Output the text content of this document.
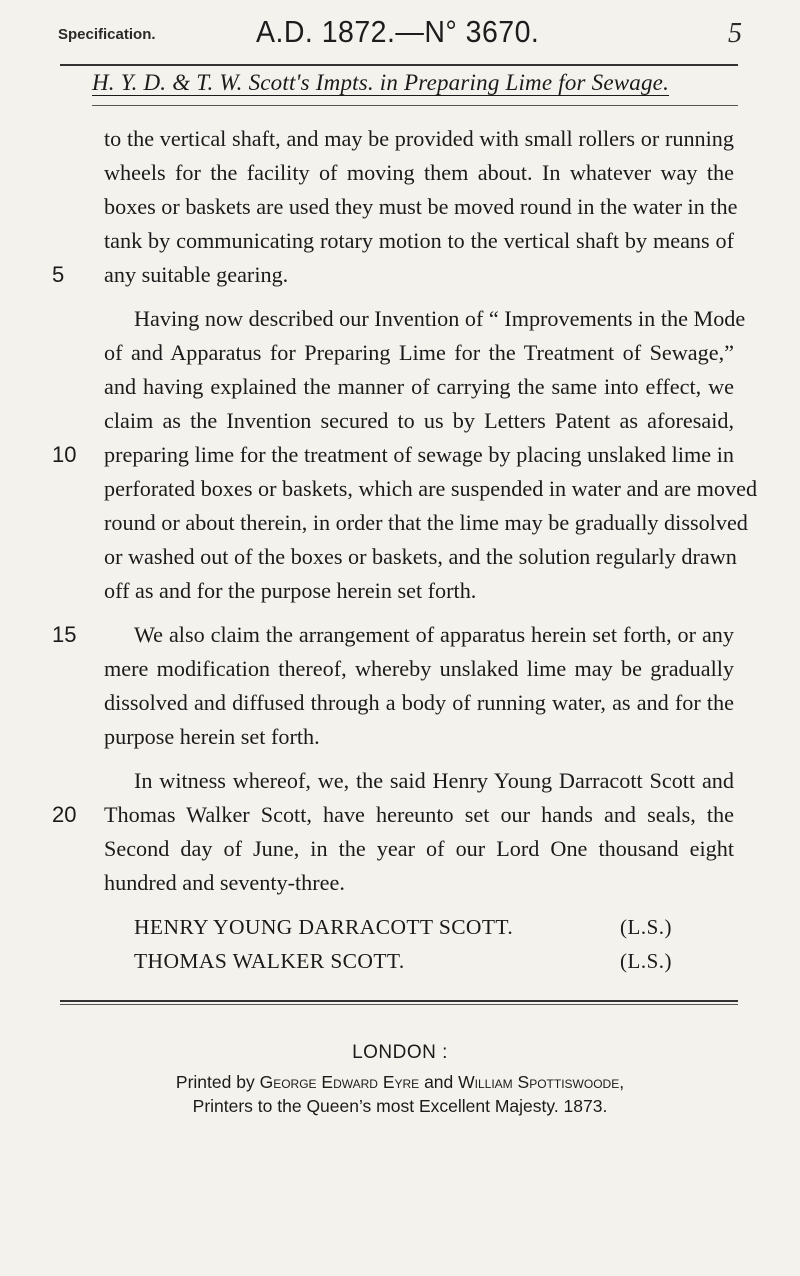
Specification.	A.D. 1872.—N° 3670.	5
H. Y. D. & T. W. Scott's Impts. in Preparing Lime for Sewage.
to the vertical shaft, and may be provided with small rollers or running
wheels for the facility of moving them about. In whatever way the
boxes or baskets are used they must be moved round in the water in the
tank by communicating rotary motion to the vertical shaft by means of
5	any suitable gearing.
Having now described our Invention of “ Improvements in the Mode
of and Apparatus for Preparing Lime for the Treatment of Sewage,”
and having explained the manner of carrying the same into effect, we
claim as the Invention secured to us by Letters Patent as aforesaid,
10	preparing lime for the treatment of sewage by placing unslaked lime in
perforated boxes or baskets, which are suspended in water and are moved
round or about therein, in order that the lime may be gradually dissolved
or washed out of the boxes or baskets, and the solution regularly drawn
off as and for the purpose herein set forth.
15	We also claim the arrangement of apparatus herein set forth, or any
mere modification thereof, whereby unslaked lime may be gradually
dissolved and diffused through a body of running water, as and for the
purpose herein set forth.
In witness whereof, we, the said Henry Young Darracott Scott and
20	Thomas Walker Scott, have hereunto set our hands and seals, the
Second day of June, in the year of our Lord One thousand eight
hundred and seventy-three.
HENRY YOUNG DARRACOTT SCOTT.	(L.S.)
THOMAS WALKER SCOTT.	(L.S.)
LONDON :
Printed by George Edward Eyre and William Spottiswoode,
Printers to the Queen’s most Excellent Majesty. 1873.
